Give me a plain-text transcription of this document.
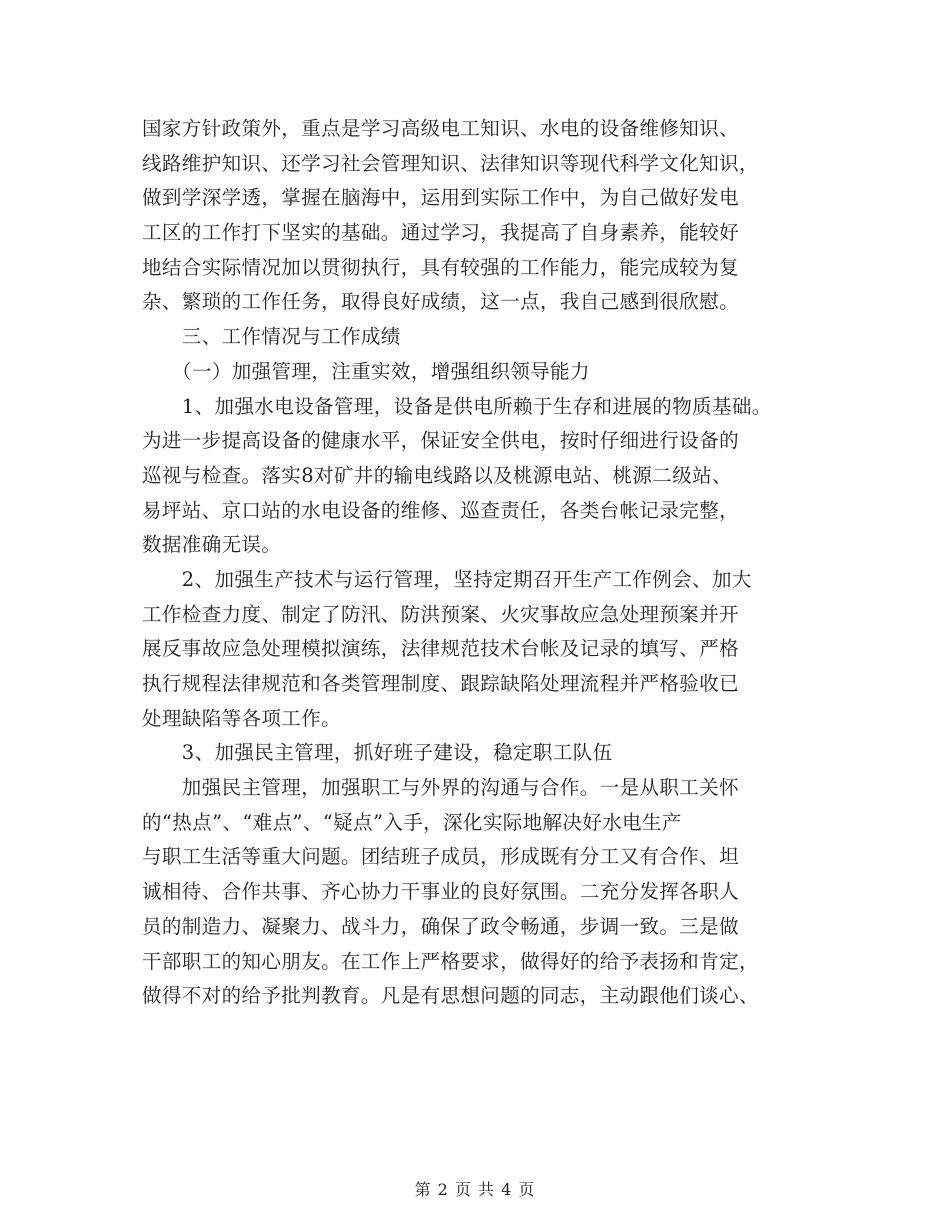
国家方针政策外，重点是学习高级电工知识、水电的设备维修知识、
线路维护知识、还学习社会管理知识、法律知识等现代科学文化知识，
做到学深学透，掌握在脑海中，运用到实际工作中，为自己做好发电
工区的工作打下坚实的基础。通过学习，我提高了自身素养，能较好
地结合实际情况加以贯彻执行，具有较强的工作能力，能完成较为复
杂、繁琐的工作任务，取得良好成绩，这一点，我自己感到很欣慰。
　　三、工作情况与工作成绩
　　（一）加强管理，注重实效，增强组织领导能力
　　1、加强水电设备管理，设备是供电所赖于生存和进展的物质基础。
为进一步提高设备的健康水平，保证安全供电，按时仔细进行设备的
巡视与检查。落实8对矿井的输电线路以及桃源电站、桃源二级站、
易坪站、京口站的水电设备的维修、巡查责任，各类台帐记录完整，
数据准确无误。
　　2、加强生产技术与运行管理，坚持定期召开生产工作例会、加大
工作检查力度、制定了防汛、防洪预案、火灾事故应急处理预案并开
展反事故应急处理模拟演练，法律规范技术台帐及记录的填写、严格
执行规程法律规范和各类管理制度、跟踪缺陷处理流程并严格验收已
处理缺陷等各项工作。
　　3、加强民主管理，抓好班子建设，稳定职工队伍
　　加强民主管理，加强职工与外界的沟通与合作。一是从职工关怀
的“热点”、“难点”、“疑点”入手，深化实际地解决好水电生产
与职工生活等重大问题。团结班子成员，形成既有分工又有合作、坦
诚相待、合作共事、齐心协力干事业的良好氛围。二充分发挥各职人
员的制造力、凝聚力、战斗力，确保了政令畅通，步调一致。三是做
干部职工的知心朋友。在工作上严格要求，做得好的给予表扬和肯定，
做得不对的给予批判教育。凡是有思想问题的同志，主动跟他们谈心、
第 2 页 共 4 页
